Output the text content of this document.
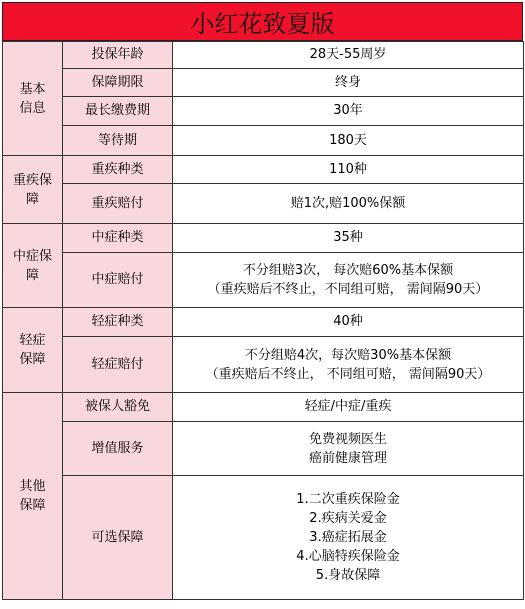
小红花致夏版
基本
信息	投保年龄	28天-55周岁
	保障期限	终身
	最长缴费期	30年
	等待期	180天

重疾保
障	重疾种类	110种
	重疾赔付	赔1次,赔100%保额

中症保
障	中症种类	35种
	中症赔付	不分组赔3次， 每次赔60%基本保额
（重疾赔后不终止，不同组可赔， 需间隔90天）

轻症
保障	轻症种类	40种
	轻症赔付	不分组赔4次，每次赔30%基本保额
（重疾赔后不终止， 不同组可赔， 需间隔90天）

其他
保障	被保人豁免	轻症/中症/重疾
	增值服务	免费视频医生
癌前健康管理
	可选保障	1.二次重疾保险金
2.疾病关爱金
3.癌症拓展金
4.心脑特疾保险金
5.身故保障
